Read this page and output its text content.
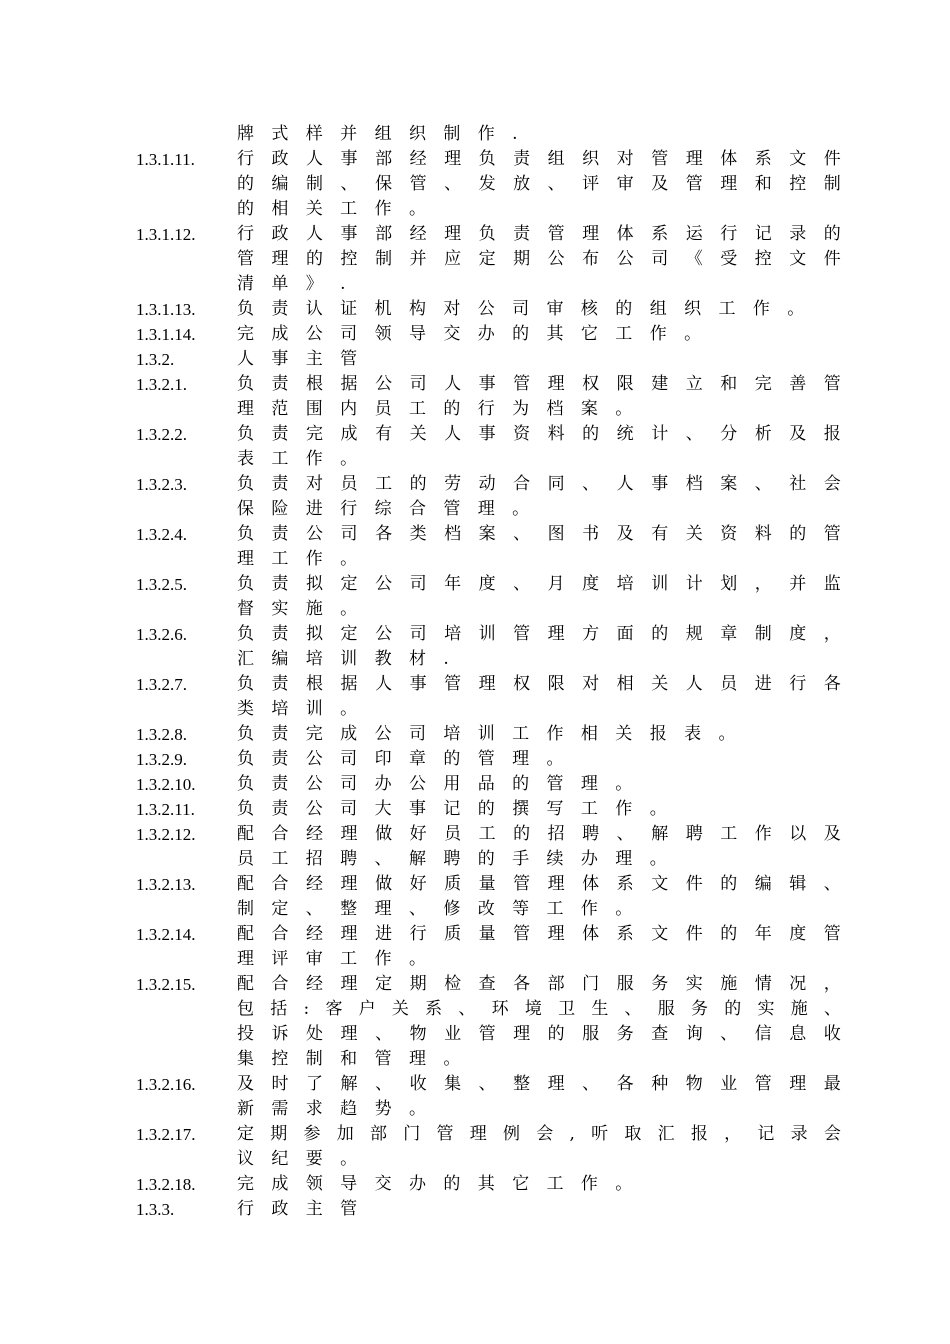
牌	式	样	并	组	织	制	作	.
1.3.1.11.	行 政 人 事 部 经 理 负 责 组 织 对 管 理 体 系 文 件
的 编 制 、 保 管 、 发 放 、 评 审 及 管 理 和 控 制
的	相	关	工	作	。
1.3.1.12.	行 政 人 事 部 经 理 负 责 管 理 体 系 运 行 记 录 的
管 理 的 控 制 并 应 定 期 公 布 公 司 《 受 控 文 件
清	单	》	.
1.3.1.13.	负	责	认	证	机	构	对	公	司	审	核	的	组	织	工	作	。
1.3.1.14.	完	成	公	司	领	导	交	办	的	其	它	工	作	。
1.3.2.	人	事	主	管
1.3.2.1.	负 责 根 据 公 司 人 事 管 理 权 限 建 立 和 完 善 管
理	范	围	内	员	工	的	行	为	档	案	。
1.3.2.2.	负 责 完 成 有 关 人 事 资 料 的 统 计 、 分 析 及 报
表	工	作	。
1.3.2.3.	负 责 对 员 工 的 劳 动 合 同 、 人 事 档 案 、 社 会
保	险	进	行	综	合	管	理	。
1.3.2.4.	负 责 公 司 各 类 档 案 、 图 书 及 有 关 资 料 的 管
理	工	作	。
1.3.2.5.	负 责 拟 定 公 司 年 度 、 月 度 培 训 计 划 ， 并 监
督	实	施	。
1.3.2.6.	负 责 拟 定 公 司 培 训 管 理 方 面 的 规 章 制 度 ，
汇	编	培	训	教	材	.
1.3.2.7.	负 责 根 据 人 事 管 理 权 限 对 相 关 人 员 进 行 各
类	培	训	。
1.3.2.8.	负	责	完	成	公	司	培	训	工	作	相	关	报	表	。
1.3.2.9.	负	责	公	司	印	章	的	管	理	。
1.3.2.10.	负	责	公	司	办	公	用	品	的	管	理	。
1.3.2.11.	负	责	公	司	大	事	记	的	撰	写	工	作	。
1.3.2.12.	配 合 经 理 做 好 员 工 的 招 聘 、 解 聘 工 作 以 及
员	工	招	聘	、	解	聘	的	手	续	办	理	。
1.3.2.13.	配 合 经 理 做 好 质 量 管 理 体 系 文 件 的 编 辑 、
制	定	、	整	理	、	修	改	等	工	作	。
1.3.2.14.	配 合 经 理 进 行 质 量 管 理 体 系 文 件 的 年 度 管
理	评	审	工	作	。
1.3.2.15.	配 合 经 理 定 期 检 查 各 部 门 服 务 实 施 情 况 ，
包 括 : 客 户 关 系 、 环 境 卫 生 、 服 务 的 实 施 、
投 诉 处 理 、 物 业 管 理 的 服 务 查 询 、 信 息 收
集	控	制	和	管	理	。
1.3.2.16.	及 时 了 解 、 收 集 、 整 理 、 各 种 物 业 管 理 最
新	需	求	趋	势	。
1.3.2.17.	定 期 参 加 部 门 管 理 例 会 , 听 取 汇 报 ， 记 录 会
议	纪	要	。
1.3.2.18.	完	成	领	导	交	办	的	其	它	工	作	。
1.3.3.	行	政	主	管
